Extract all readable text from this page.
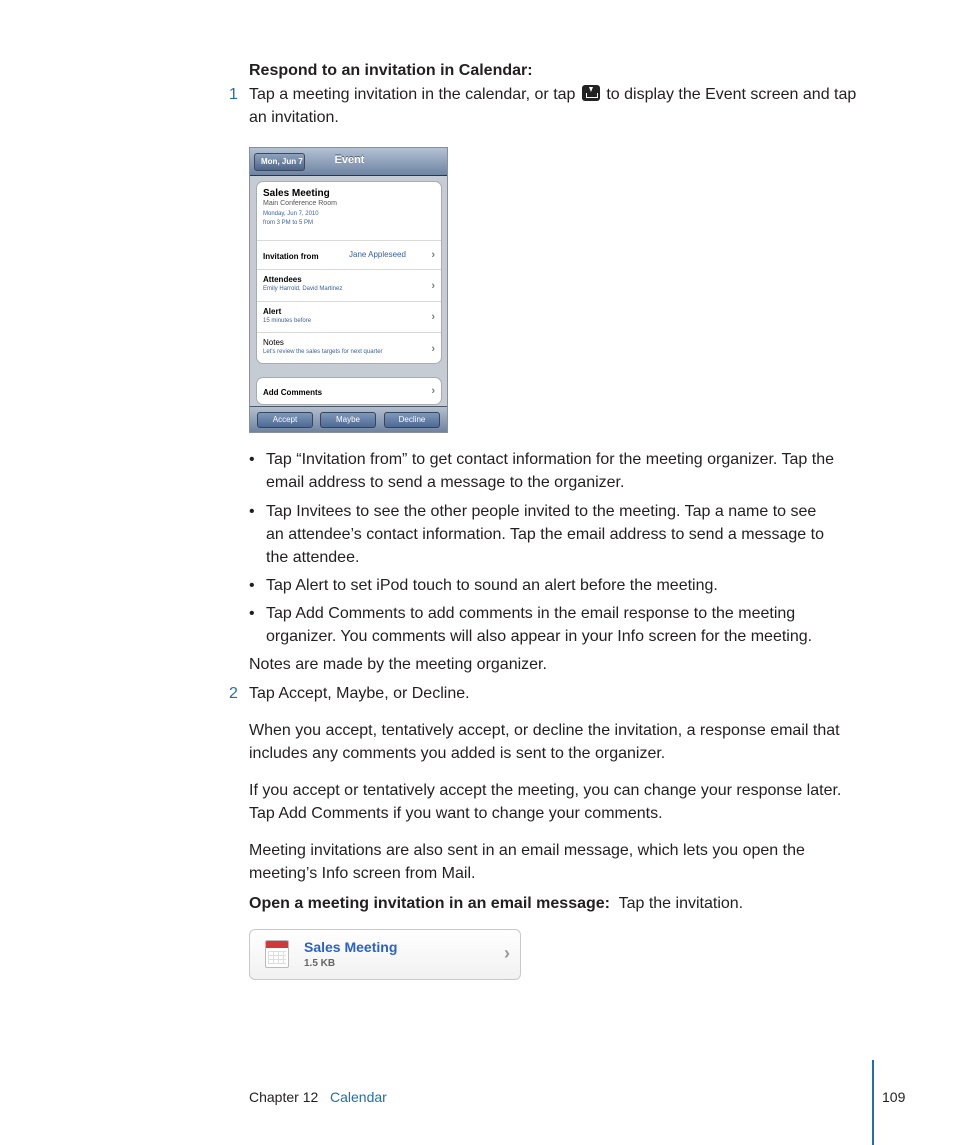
Respond to an invitation in Calendar:
1 Tap a meeting invitation in the calendar, or tap to display the Event screen and tap
an invitation.
Mon, Jun 7	Event
Sales Meeting
Main Conference Room
Monday, Jun 7, 2010
from 3 PM to 5 PM
Invitation from	Jane Appleseed ›
Attendees
Emily Harrold, David Martinez	›
Alert
15 minutes before	›
Notes
Let's review the sales targets for next quarter	›
Add Comments	›
Accept	Maybe	Decline
• Tap “Invitation from” to get contact information for the meeting organizer. Tap the
email address to send a message to the organizer.
• Tap Invitees to see the other people invited to the meeting. Tap a name to see
an attendee’s contact information. Tap the email address to send a message to
the attendee.
• Tap Alert to set iPod touch to sound an alert before the meeting.
• Tap Add Comments to add comments in the email response to the meeting
organizer. You comments will also appear in your Info screen for the meeting.
Notes are made by the meeting organizer.
2 Tap Accept, Maybe, or Decline.
When you accept, tentatively accept, or decline the invitation, a response email that
includes any comments you added is sent to the organizer.
If you accept or tentatively accept the meeting, you can change your response later.
Tap Add Comments if you want to change your comments.
Meeting invitations are also sent in an email message, which lets you open the
meeting’s Info screen from Mail.
Open a meeting invitation in an email message: Tap the invitation.
Sales Meeting
1.5 KB
›
Chapter 12 Calendar	109
